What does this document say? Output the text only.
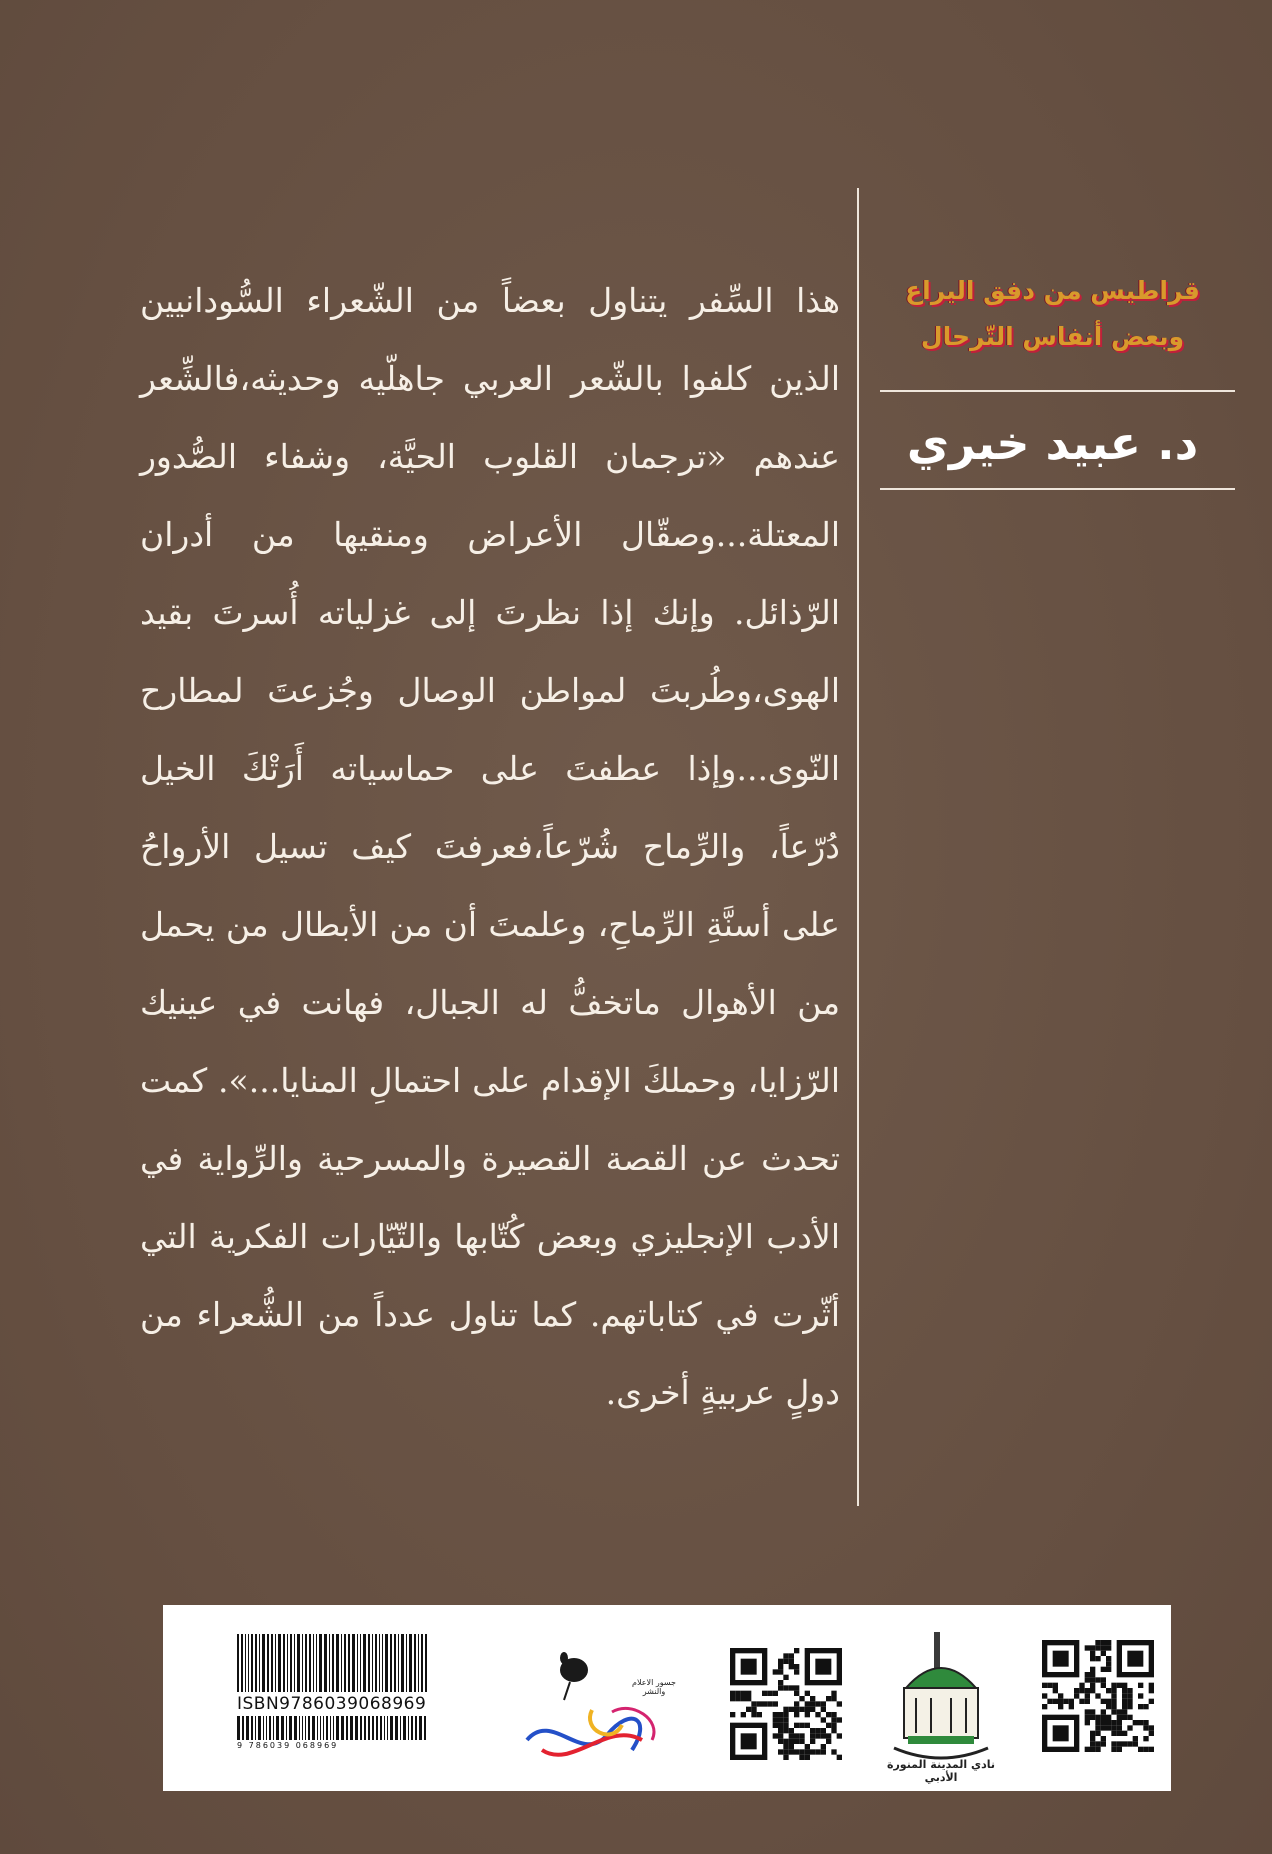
قراطيس من دفق اليراع
وبعض أنفاس التّرحال
د. عبيد خيري

هذا السِّفر يتناول بعضاً من الشّعراء السُّودانيين الذين كلفوا بالشّعر العربي جاهلّيه وحديثه،فالشِّعر عندهم «ترجمان القلوب الحيَّة، وشفاء الصُّدور المعتلة...وصقّال الأعراض ومنقيها من أدران الرّذائل. وإنك إذا نظرتَ إلى غزلياته أُسرتَ بقيد الهوى،وطُربتَ لمواطن الوصال وجُزعتَ لمطارح النّوى...وإذا عطفتَ على حماسياته أَرَتْكَ الخيل دُرّعاً، والرِّماح شُرّعاً،فعرفتَ كيف تسيل الأرواحُ على أسنَّةِ الرِّماحِ، وعلمتَ أن من الأبطال من يحمل من الأهوال ماتخفُّ له الجبال، فهانت في عينيك الرّزايا، وحملكَ الإقدام على احتمالِ المنايا...». كمت تحدث عن القصة القصيرة والمسرحية والرِّواية في الأدب الإنجليزي وبعض كُتّابها والتّيّارات الفكرية التي أثّرت في كتاباتهم. كما تناول عدداً من الشُّعراء من دولٍ عربيةٍ أخرى.

ISBN9786039068969
9 786039 068969
جسور الاعلام والنشر
نادي المدينة المنورة الأدبي
